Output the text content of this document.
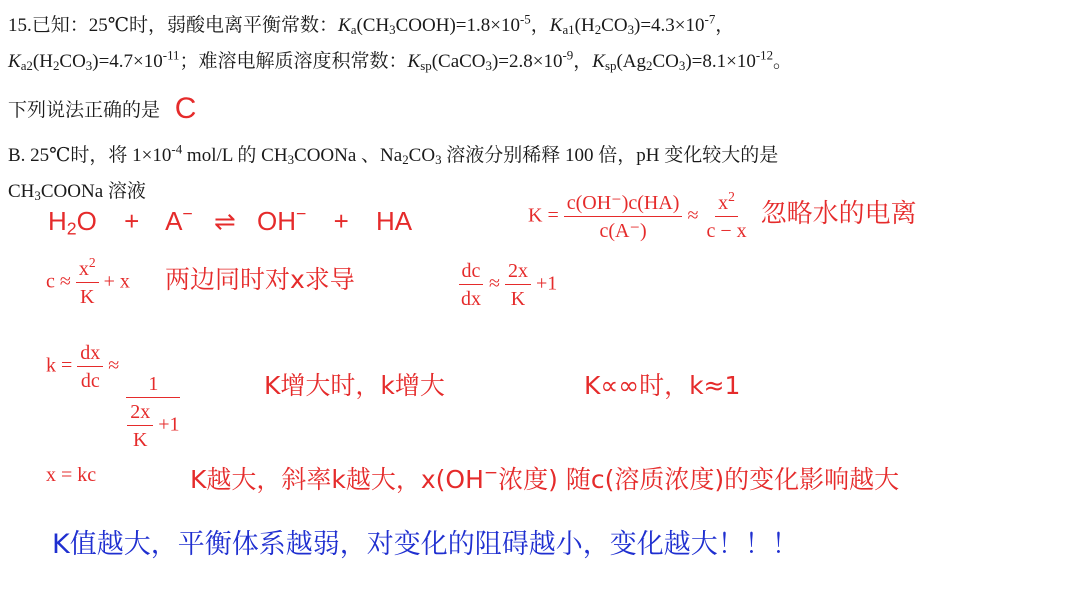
15.已知：25℃时，弱酸电离平衡常数：$K_a(CH_3COOH)=1.8\times 10^{-5}$，$K_{a1}(H_2CO_3)=4.3\times 10^{-7}$，
$K_{a2}(H_2CO_3)=4.7\times 10^{-11}$；难溶电解质溶度积常数：$K_{sp}(CaCO_3)=2.8\times 10^{-9}$，$K_{sp}(Ag_2CO_3)=8.1\times 10^{-12}$。
下列说法正确的是 C
B. 25℃时，将 $1\times 10^{-4}$ mol/L 的 $CH_3COONa$ 、$Na_2CO_3$ 溶液分别稀释 100 倍，pH 变化较大的是
$CH_3COONa$ 溶液
$H_2O + A^-$ ⇌ OH− + HA	$K = \frac{c(OH^-)c(HA)}{c(A^-)} \approx \frac{x^2}{c - x}$ 忽略水的电离
$c \approx \frac{x^2}{K} + x$ 两边同时对x求导	$\frac{dc}{dx} \approx \frac{2x}{K} +1$
$k = \frac{dx}{dc}$ ≈
$\frac{1}{\frac{2x}{K} +1}$	K增大时，k增大	K∝∞时，k≈1
x = kc	K越大，斜率k越大，x(OH−浓度) 随c(溶质浓度)的变化影响越大
K值越大，平衡体系越弱，对变化的阻碍越小，变化越大！！！
